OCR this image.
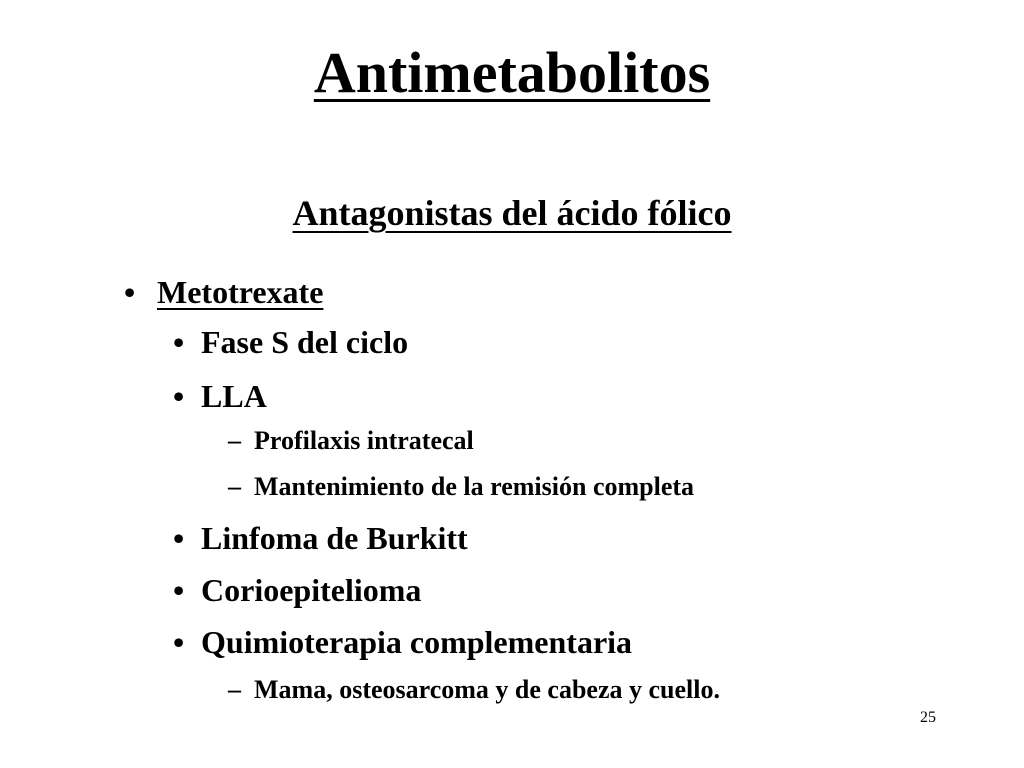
Antimetabolitos
Antagonistas del ácido fólico
• Metotrexate
• Fase S del ciclo
• LLA
– Profilaxis intratecal
– Mantenimiento de la remisión completa
• Linfoma de Burkitt
• Corioepitelioma
• Quimioterapia complementaria
– Mama, osteosarcoma y de cabeza y cuello.
25
